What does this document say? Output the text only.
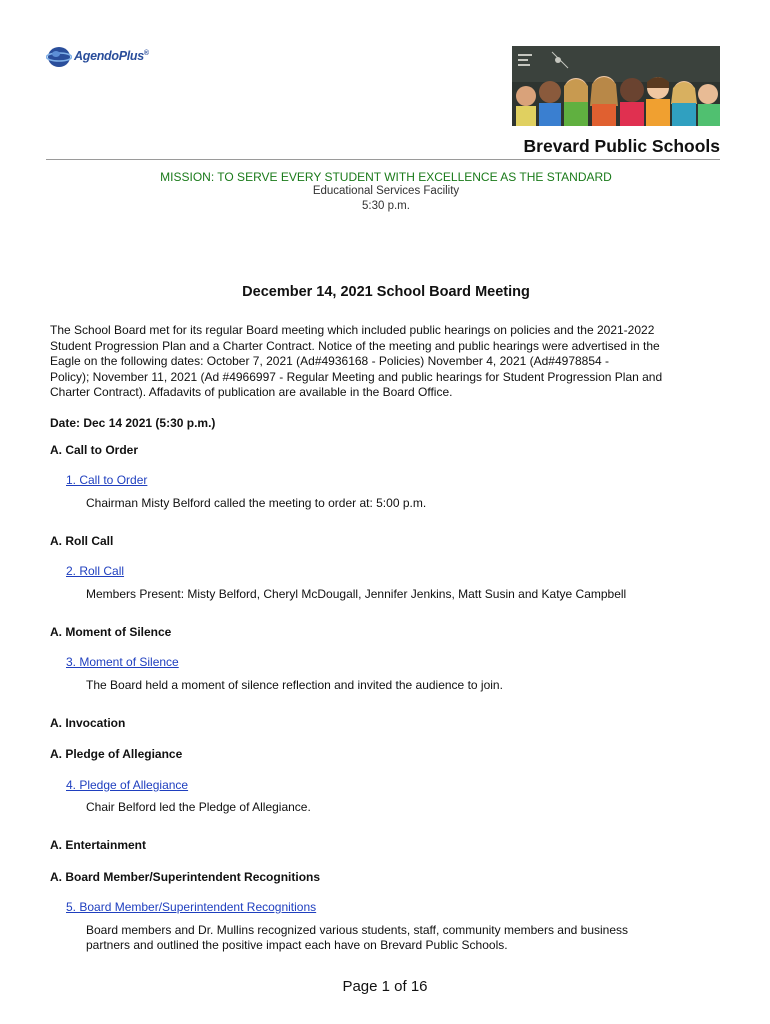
AgendoPlus®
Brevard Public Schools
MISSION: TO SERVE EVERY STUDENT WITH EXCELLENCE AS THE STANDARD
Educational Services Facility
5:30 p.m.
December 14, 2021 School Board Meeting
The School Board met for its regular Board meeting which included public hearings on policies and the 2021-2022
Student Progression Plan and a Charter Contract. Notice of the meeting and public hearings were advertised in the
Eagle on the following dates: October 7, 2021 (Ad#4936168 - Policies) November 4, 2021 (Ad#4978854 -
Policy); November 11, 2021 (Ad #4966997 - Regular Meeting and public hearings for Student Progression Plan and
Charter Contract). Affadavits of publication are available in the Board Office.
Date: Dec 14 2021 (5:30 p.m.)
A. Call to Order
1. Call to Order
Chairman Misty Belford called the meeting to order at: 5:00 p.m.
A. Roll Call
2. Roll Call
Members Present: Misty Belford, Cheryl McDougall, Jennifer Jenkins, Matt Susin and Katye Campbell
A. Moment of Silence
3. Moment of Silence
The Board held a moment of silence reflection and invited the audience to join.
A. Invocation
A. Pledge of Allegiance
4. Pledge of Allegiance
Chair Belford led the Pledge of Allegiance.
A. Entertainment
A. Board Member/Superintendent Recognitions
5. Board Member/Superintendent Recognitions
Board members and Dr. Mullins recognized various students, staff, community members and business
partners and outlined the positive impact each have on Brevard Public Schools.
Page 1 of 16
